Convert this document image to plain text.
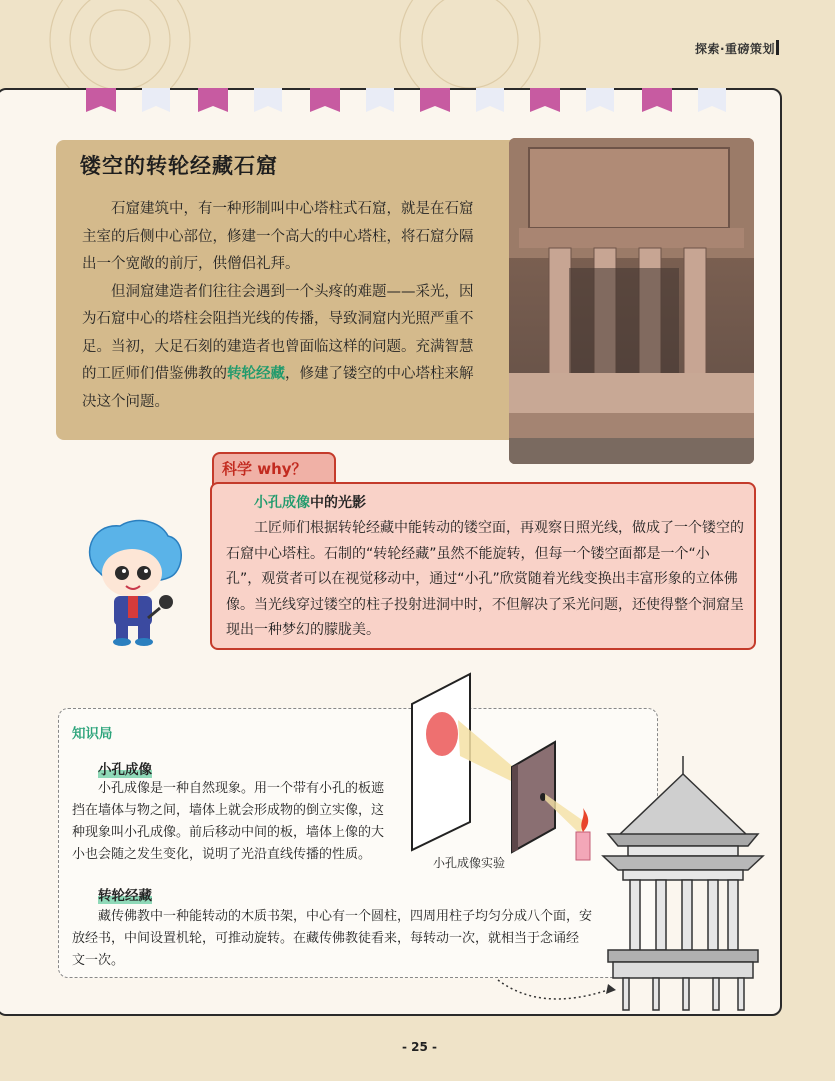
探索·重磅策划
镂空的转轮经藏石窟

石窟建筑中，有一种形制叫中心塔柱式石窟，就是在石窟主室的后侧中心部位，修建一个高大的中心塔柱，将石窟分隔出一个宽敞的前厅，供僧侣礼拜。

但洞窟建造者们往往会遇到一个头疼的难题——采光，因为石窟中心的塔柱会阻挡光线的传播，导致洞窟内光照严重不足。当初，大足石刻的建造者也曾面临这样的问题。充满智慧的工匠师们借鉴佛教的转轮经藏，修建了镂空的中心塔柱来解决这个问题。

科学 why？
小孔成像中的光影
工匠师们根据转轮经藏中能转动的镂空面，再观察日照光线，做成了一个镂空的石窟中心塔柱。石制的“转轮经藏”虽然不能旋转，但每一个镂空面都是一个“小孔”，观赏者可以在视觉移动中，通过“小孔”欣赏随着光线变换出丰富形象的立体佛像。当光线穿过镂空的柱子投射进洞中时，不但解决了采光问题，还使得整个洞窟呈现出一种梦幻的朦胧美。
知识局
小孔成像
小孔成像是一种自然现象。用一个带有小孔的板遮
挡在墙体与物之间，墙体上就会形成物的倒立实像，这
种现象叫小孔成像。前后移动中间的板，墙体上像的大
小也会随之发生变化，说明了光沿直线传播的性质。
小孔成像实验
转轮经藏
藏传佛教中一种能转动的木质书架，中心有一个圆柱，四周用柱子均匀分成八个面，安
放经书，中间设置机轮，可推动旋转。在藏传佛教徒看来，每转动一次，就相当于念诵经
文一次。
- 25 -
